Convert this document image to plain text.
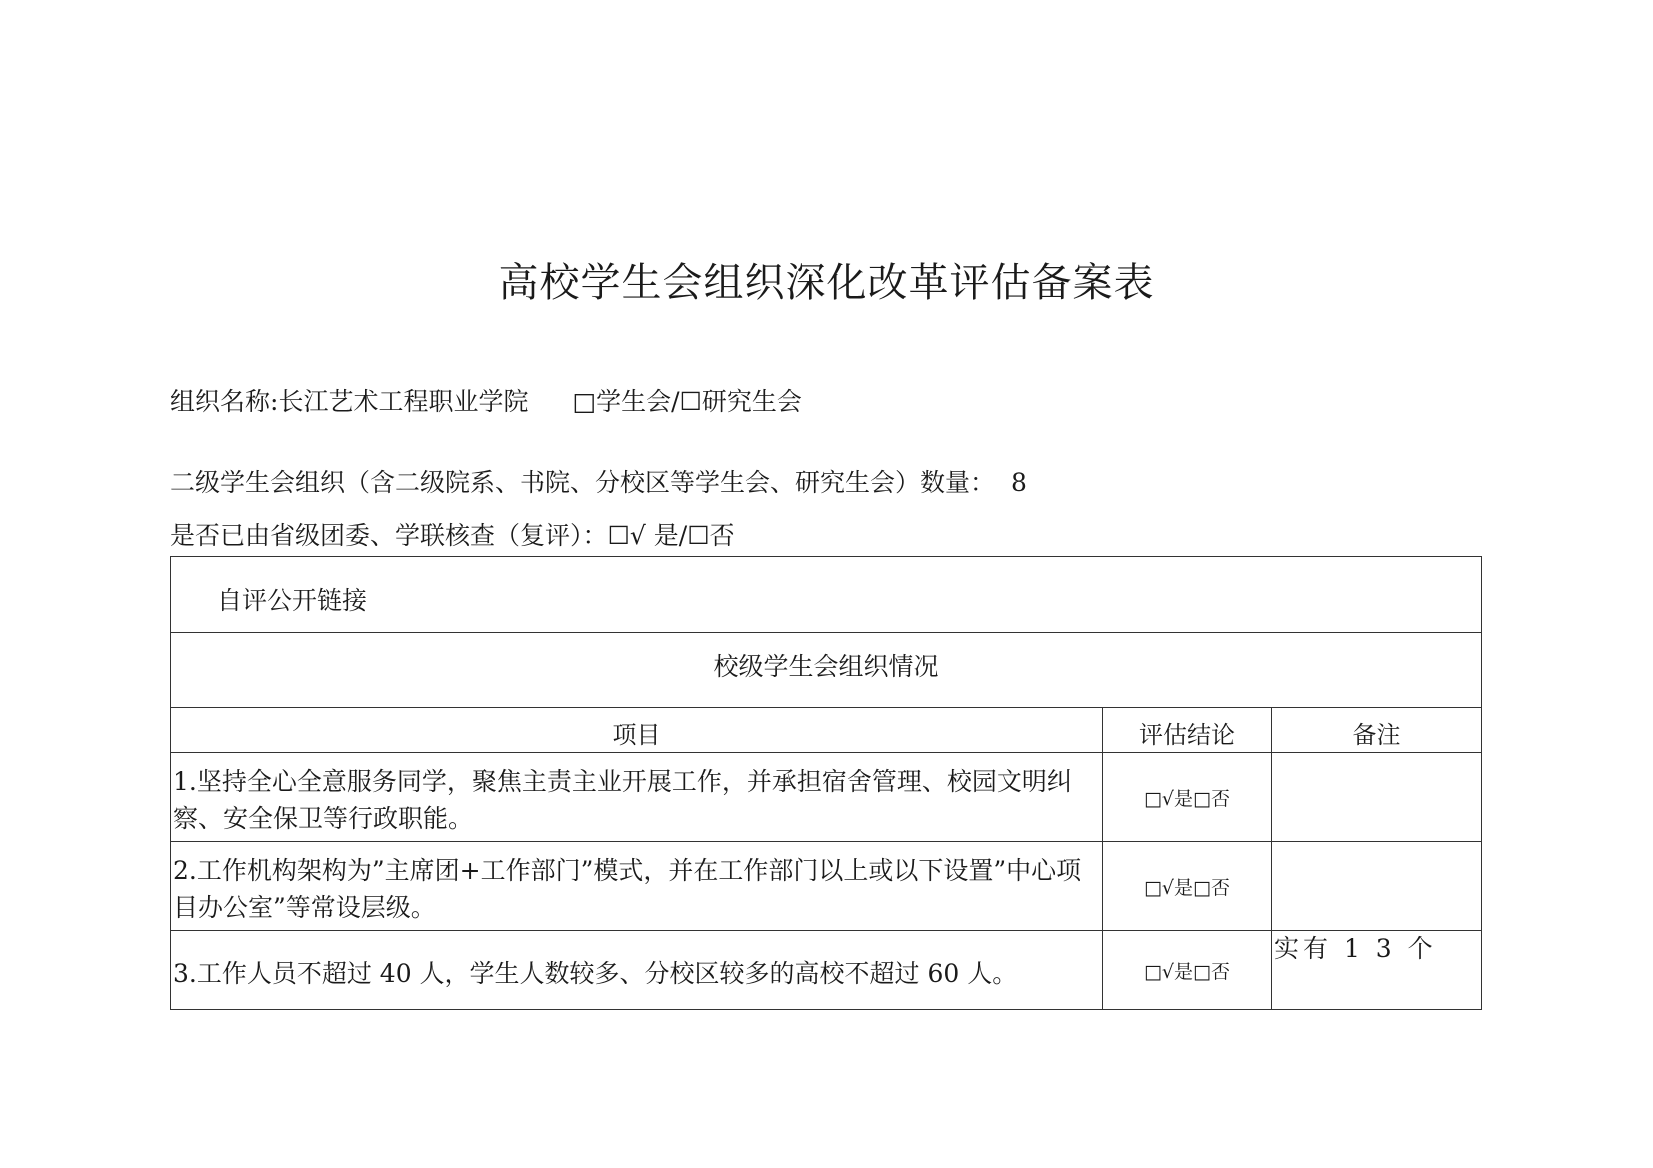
高校学生会组织深化改革评估备案表
组织名称:长江艺术工程职业学院 □学生会/☐研究生会
二级学生会组织（含二级院系、书院、分校区等学生会、研究生会）数量： 8
是否已由省级团委、学联核查（复评）：☐√ 是/☐否
自评公开链接		

校级学生会组织情况		

项目	评估结论	备注

1.坚持全心全意服务同学，聚焦主责主业开展工作，并承担宿舍管理、校园文明纠察、安全保卫等行政职能。	□√是□否	

2.工作机构架构为”主席团+工作部门”模式，并在工作部门以上或以下设置”中心项目办公室”等常设层级。	□√是□否	

3.工作人员不超过 40 人，学生人数较多、分校区较多的高校不超过 60 人。	□√是□否	实有 1 3 个
